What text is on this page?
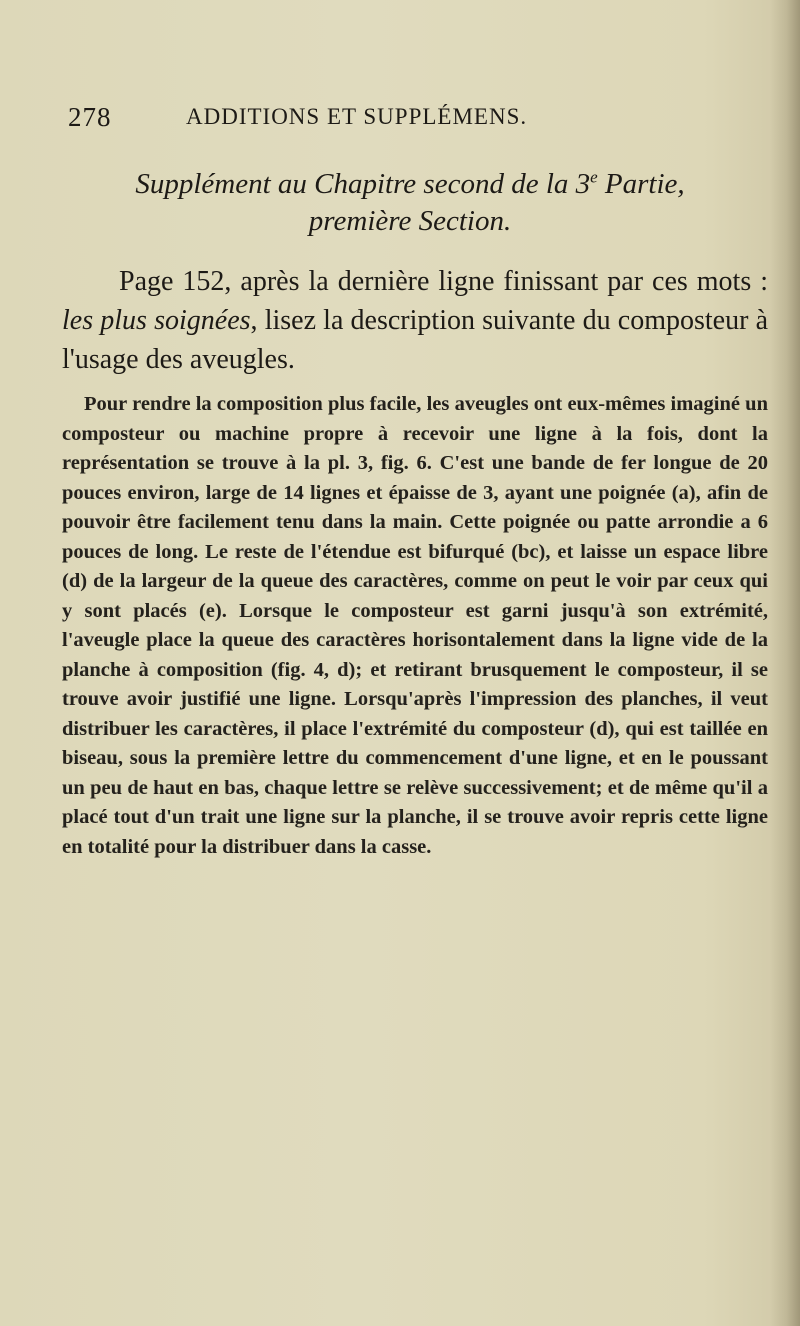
278	ADDITIONS ET SUPPLÉMENS.
Supplément au Chapitre second de la 3e Partie,
première Section.

Page 152, après la dernière ligne finissant par ces mots : les plus soignées, lisez la description suivante du composteur à l'usage des aveugles.

Pour rendre la composition plus facile, les aveugles ont eux-mêmes imaginé un composteur ou machine propre à recevoir une ligne à la fois, dont la représentation se trouve à la pl. 3, fig. 6. C'est une bande de fer longue de 20 pouces environ, large de 14 lignes et épaisse de 3, ayant une poignée (a), afin de pouvoir être facilement tenu dans la main. Cette poignée ou patte arrondie a 6 pouces de long. Le reste de l'étendue est bifurqué (bc), et laisse un espace libre (d) de la largeur de la queue des caractères, comme on peut le voir par ceux qui y sont placés (e). Lorsque le composteur est garni jusqu'à son extrémité, l'aveugle place la queue des caractères horisontalement dans la ligne vide de la planche à composition (fig. 4, d); et retirant brusquement le composteur, il se trouve avoir justifié une ligne. Lorsqu'après l'impression des planches, il veut distribuer les caractères, il place l'extrémité du composteur (d), qui est taillée en biseau, sous la première lettre du commencement d'une ligne, et en le poussant un peu de haut en bas, chaque lettre se relève successivement; et de même qu'il a placé tout d'un trait une ligne sur la planche, il se trouve avoir repris cette ligne en totalité pour la distribuer dans la casse.
